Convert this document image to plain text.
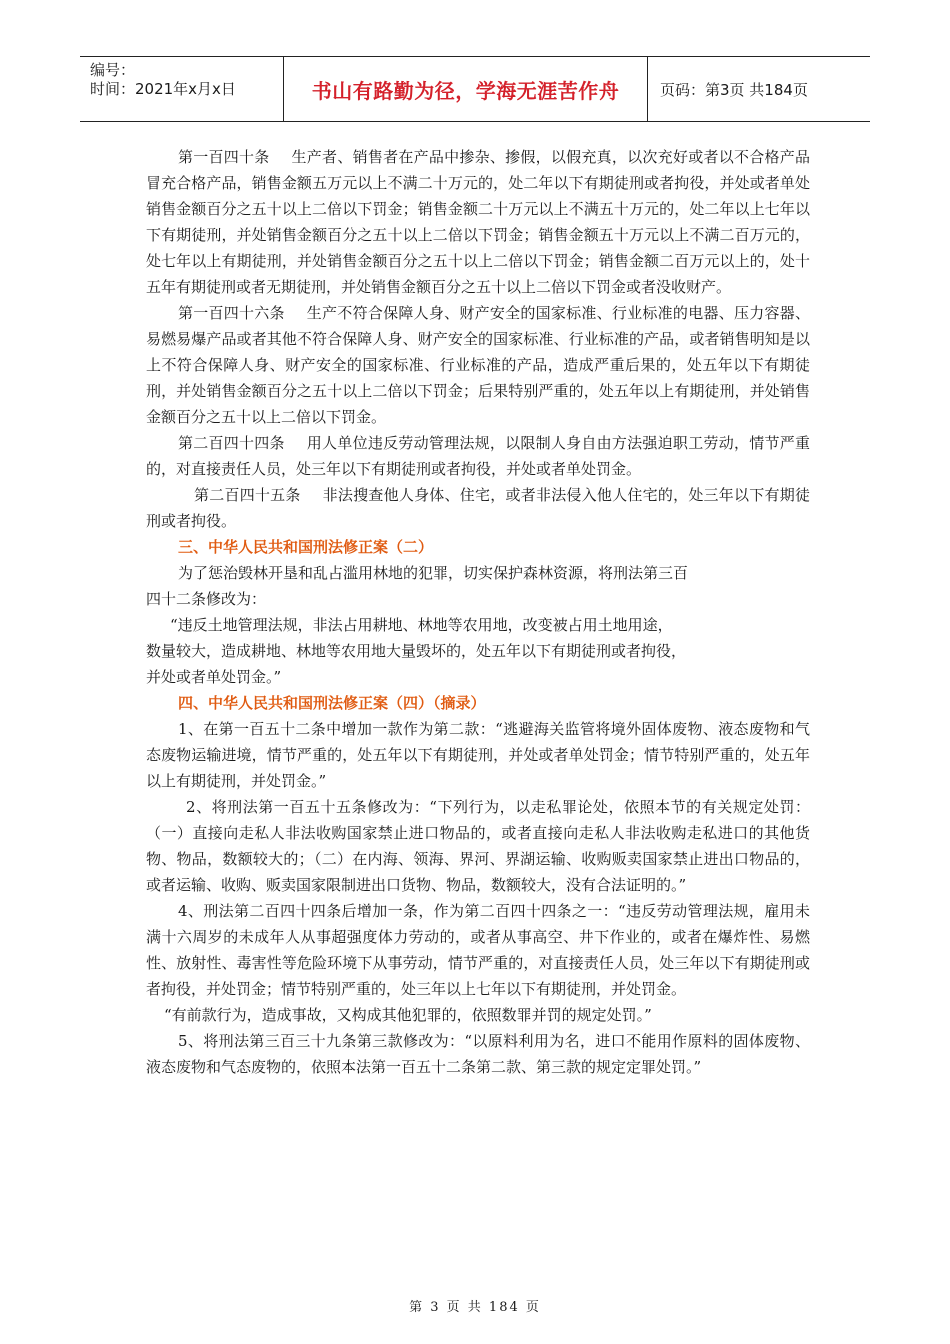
编号：
时间：2021年x月x日	书山有路勤为径，学海无涯苦作舟	页码：第3页 共184页

第一百四十条 生产者、销售者在产品中掺杂、掺假，以假充真，以次充好或者以不合格产品冒充合格产品，销售金额五万元以上不满二十万元的，处二年以下有期徒刑或者拘役，并处或者单处销售金额百分之五十以上二倍以下罚金；销售金额二十万元以上不满五十万元的，处二年以上七年以下有期徒刑，并处销售金额百分之五十以上二倍以下罚金；销售金额五十万元以上不满二百万元的，处七年以上有期徒刑，并处销售金额百分之五十以上二倍以下罚金；销售金额二百万元以上的，处十五年有期徒刑或者无期徒刑，并处销售金额百分之五十以上二倍以下罚金或者没收财产。

第一百四十六条 生产不符合保障人身、财产安全的国家标准、行业标准的电器、压力容器、易燃易爆产品或者其他不符合保障人身、财产安全的国家标准、行业标准的产品，或者销售明知是以上不符合保障人身、财产安全的国家标准、行业标准的产品，造成严重后果的，处五年以下有期徒刑，并处销售金额百分之五十以上二倍以下罚金；后果特别严重的，处五年以上有期徒刑，并处销售金额百分之五十以上二倍以下罚金。

第二百四十四条 用人单位违反劳动管理法规，以限制人身自由方法强迫职工劳动，情节严重的，对直接责任人员，处三年以下有期徒刑或者拘役，并处或者单处罚金。

第二百四十五条 非法搜查他人身体、住宅，或者非法侵入他人住宅的，处三年以下有期徒刑或者拘役。

三、中华人民共和国刑法修正案（二）

为了惩治毁林开垦和乱占滥用林地的犯罪，切实保护森林资源，将刑法第三百
四十二条修改为：
“违反土地管理法规，非法占用耕地、林地等农用地，改变被占用土地用途，
数量较大，造成耕地、林地等农用地大量毁坏的，处五年以下有期徒刑或者拘役，
并处或者单处罚金。”

四、中华人民共和国刑法修正案（四）（摘录）

1、在第一百五十二条中增加一款作为第二款：“逃避海关监管将境外固体废物、液态废物和气态废物运输进境，情节严重的，处五年以下有期徒刑，并处或者单处罚金；情节特别严重的，处五年以上有期徒刑，并处罚金。”

2、将刑法第一百五十五条修改为：“下列行为，以走私罪论处，依照本节的有关规定处罚：（一）直接向走私人非法收购国家禁止进口物品的，或者直接向走私人非法收购走私进口的其他货物、物品，数额较大的；（二）在内海、领海、界河、界湖运输、收购贩卖国家禁止进出口物品的，或者运输、收购、贩卖国家限制进出口货物、物品，数额较大，没有合法证明的。”

4、刑法第二百四十四条后增加一条，作为第二百四十四条之一：“违反劳动管理法规，雇用未满十六周岁的未成年人从事超强度体力劳动的，或者从事高空、井下作业的，或者在爆炸性、易燃性、放射性、毒害性等危险环境下从事劳动，情节严重的，对直接责任人员，处三年以下有期徒刑或者拘役，并处罚金；情节特别严重的，处三年以上七年以下有期徒刑，并处罚金。

“有前款行为，造成事故，又构成其他犯罪的，依照数罪并罚的规定处罚。”

5、将刑法第三百三十九条第三款修改为：“以原料利用为名，进口不能用作原料的固体废物、液态废物和气态废物的，依照本法第一百五十二条第二款、第三款的规定定罪处罚。”

第 3 页 共 184 页
